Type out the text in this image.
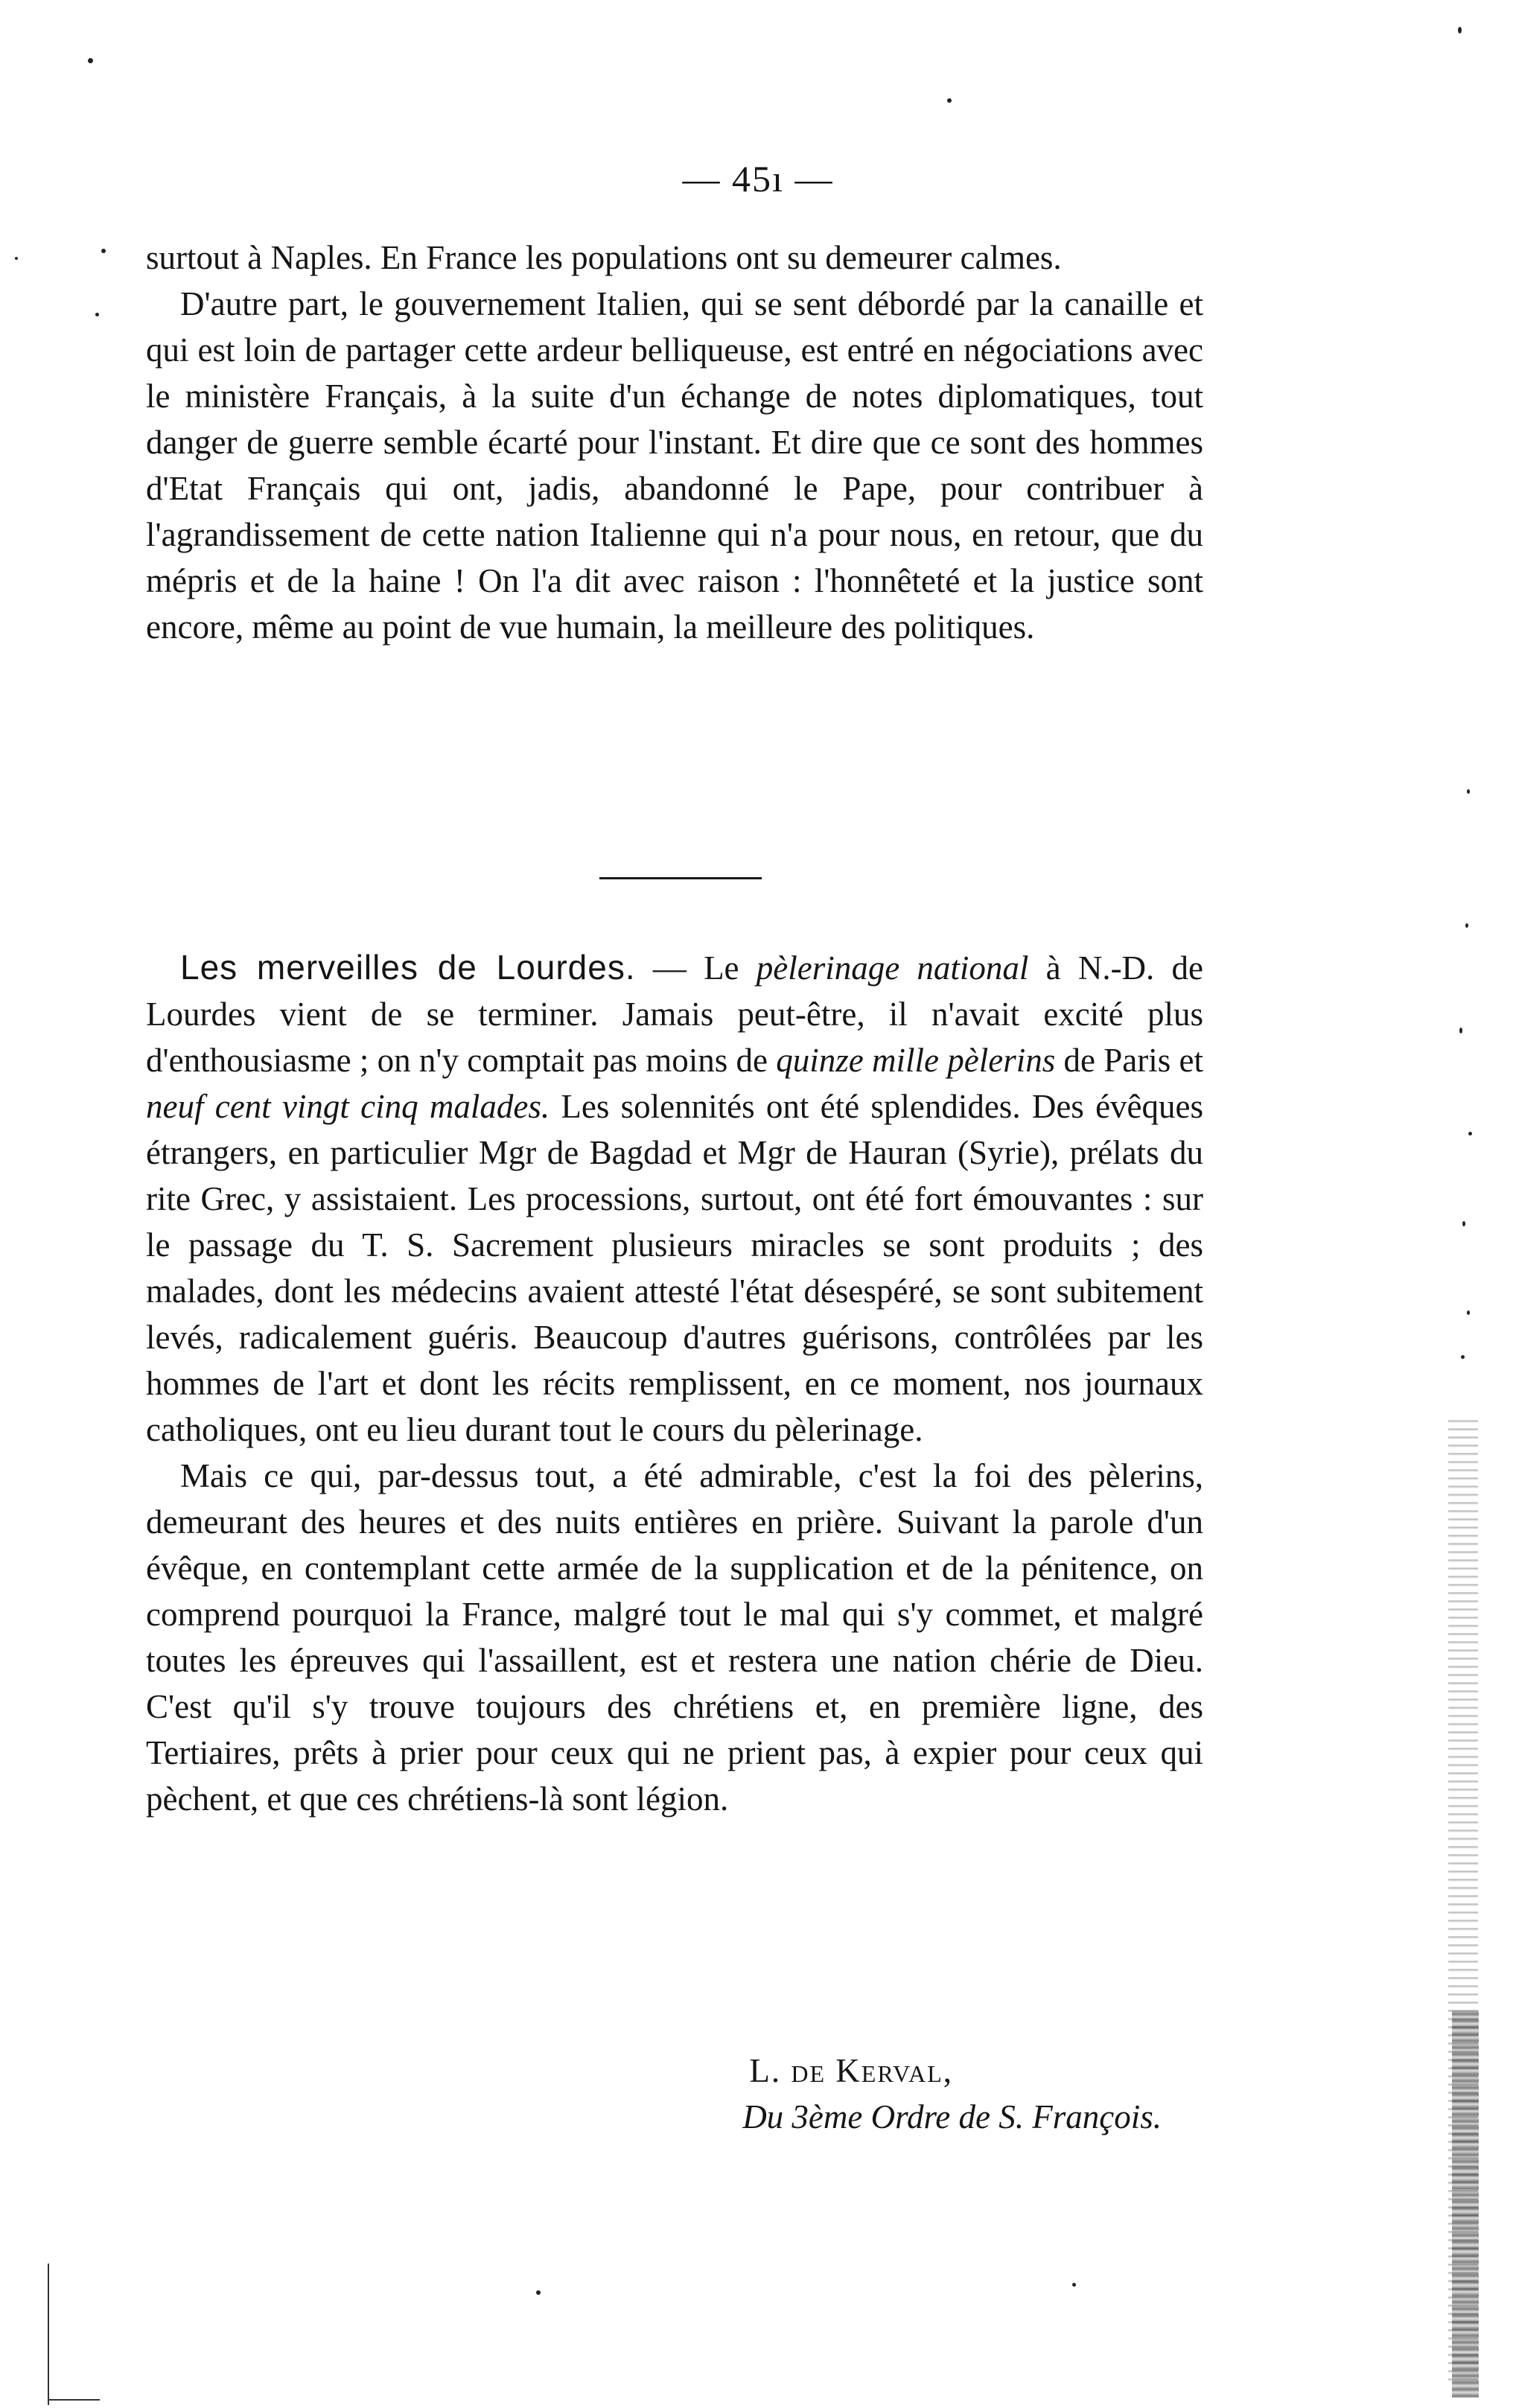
— 45ı —

surtout à Naples. En France les populations ont su demeurer calmes.

D'autre part, le gouvernement Italien, qui se sent débordé par la canaille et qui est loin de partager cette ardeur belliqueuse, est entré en négociations avec le ministère Français, à la suite d'un échange de notes diplomatiques, tout danger de guerre semble écarté pour l'instant. Et dire que ce sont des hommes d'Etat Français qui ont, jadis, abandonné le Pape, pour contribuer à l'agrandissement de cette nation Italienne qui n'a pour nous, en retour, que du mépris et de la haine ! On l'a dit avec raison : l'honnêteté et la justice sont encore, même au point de vue humain, la meilleure des politiques.

Les merveilles de Lourdes. — Le pèlerinage national à N.-D. de Lourdes vient de se terminer. Jamais peut-être, il n'avait excité plus d'enthousiasme ; on n'y comptait pas moins de quinze mille pèlerins de Paris et neuf cent vingt cinq malades. Les solennités ont été splendides. Des évêques étrangers, en particulier Mgr de Bagdad et Mgr de Hauran (Syrie), prélats du rite Grec, y assistaient. Les processions, surtout, ont été fort émouvantes : sur le passage du T. S. Sacrement plusieurs miracles se sont produits ; des malades, dont les médecins avaient attesté l'état désespéré, se sont subitement levés, radicalement guéris. Beaucoup d'autres guérisons, contrôlées par les hommes de l'art et dont les récits remplissent, en ce moment, nos journaux catholiques, ont eu lieu durant tout le cours du pèlerinage.

Mais ce qui, par-dessus tout, a été admirable, c'est la foi des pèlerins, demeurant des heures et des nuits entières en prière. Suivant la parole d'un évêque, en contemplant cette armée de la supplication et de la pénitence, on comprend pourquoi la France, malgré tout le mal qui s'y commet, et malgré toutes les épreuves qui l'assaillent, est et restera une nation chérie de Dieu. C'est qu'il s'y trouve toujours des chrétiens et, en première ligne, des Tertiaires, prêts à prier pour ceux qui ne prient pas, à expier pour ceux qui pèchent, et que ces chrétiens-là sont légion.

L. de Kerval,
Du 3ème Ordre de S. François.
